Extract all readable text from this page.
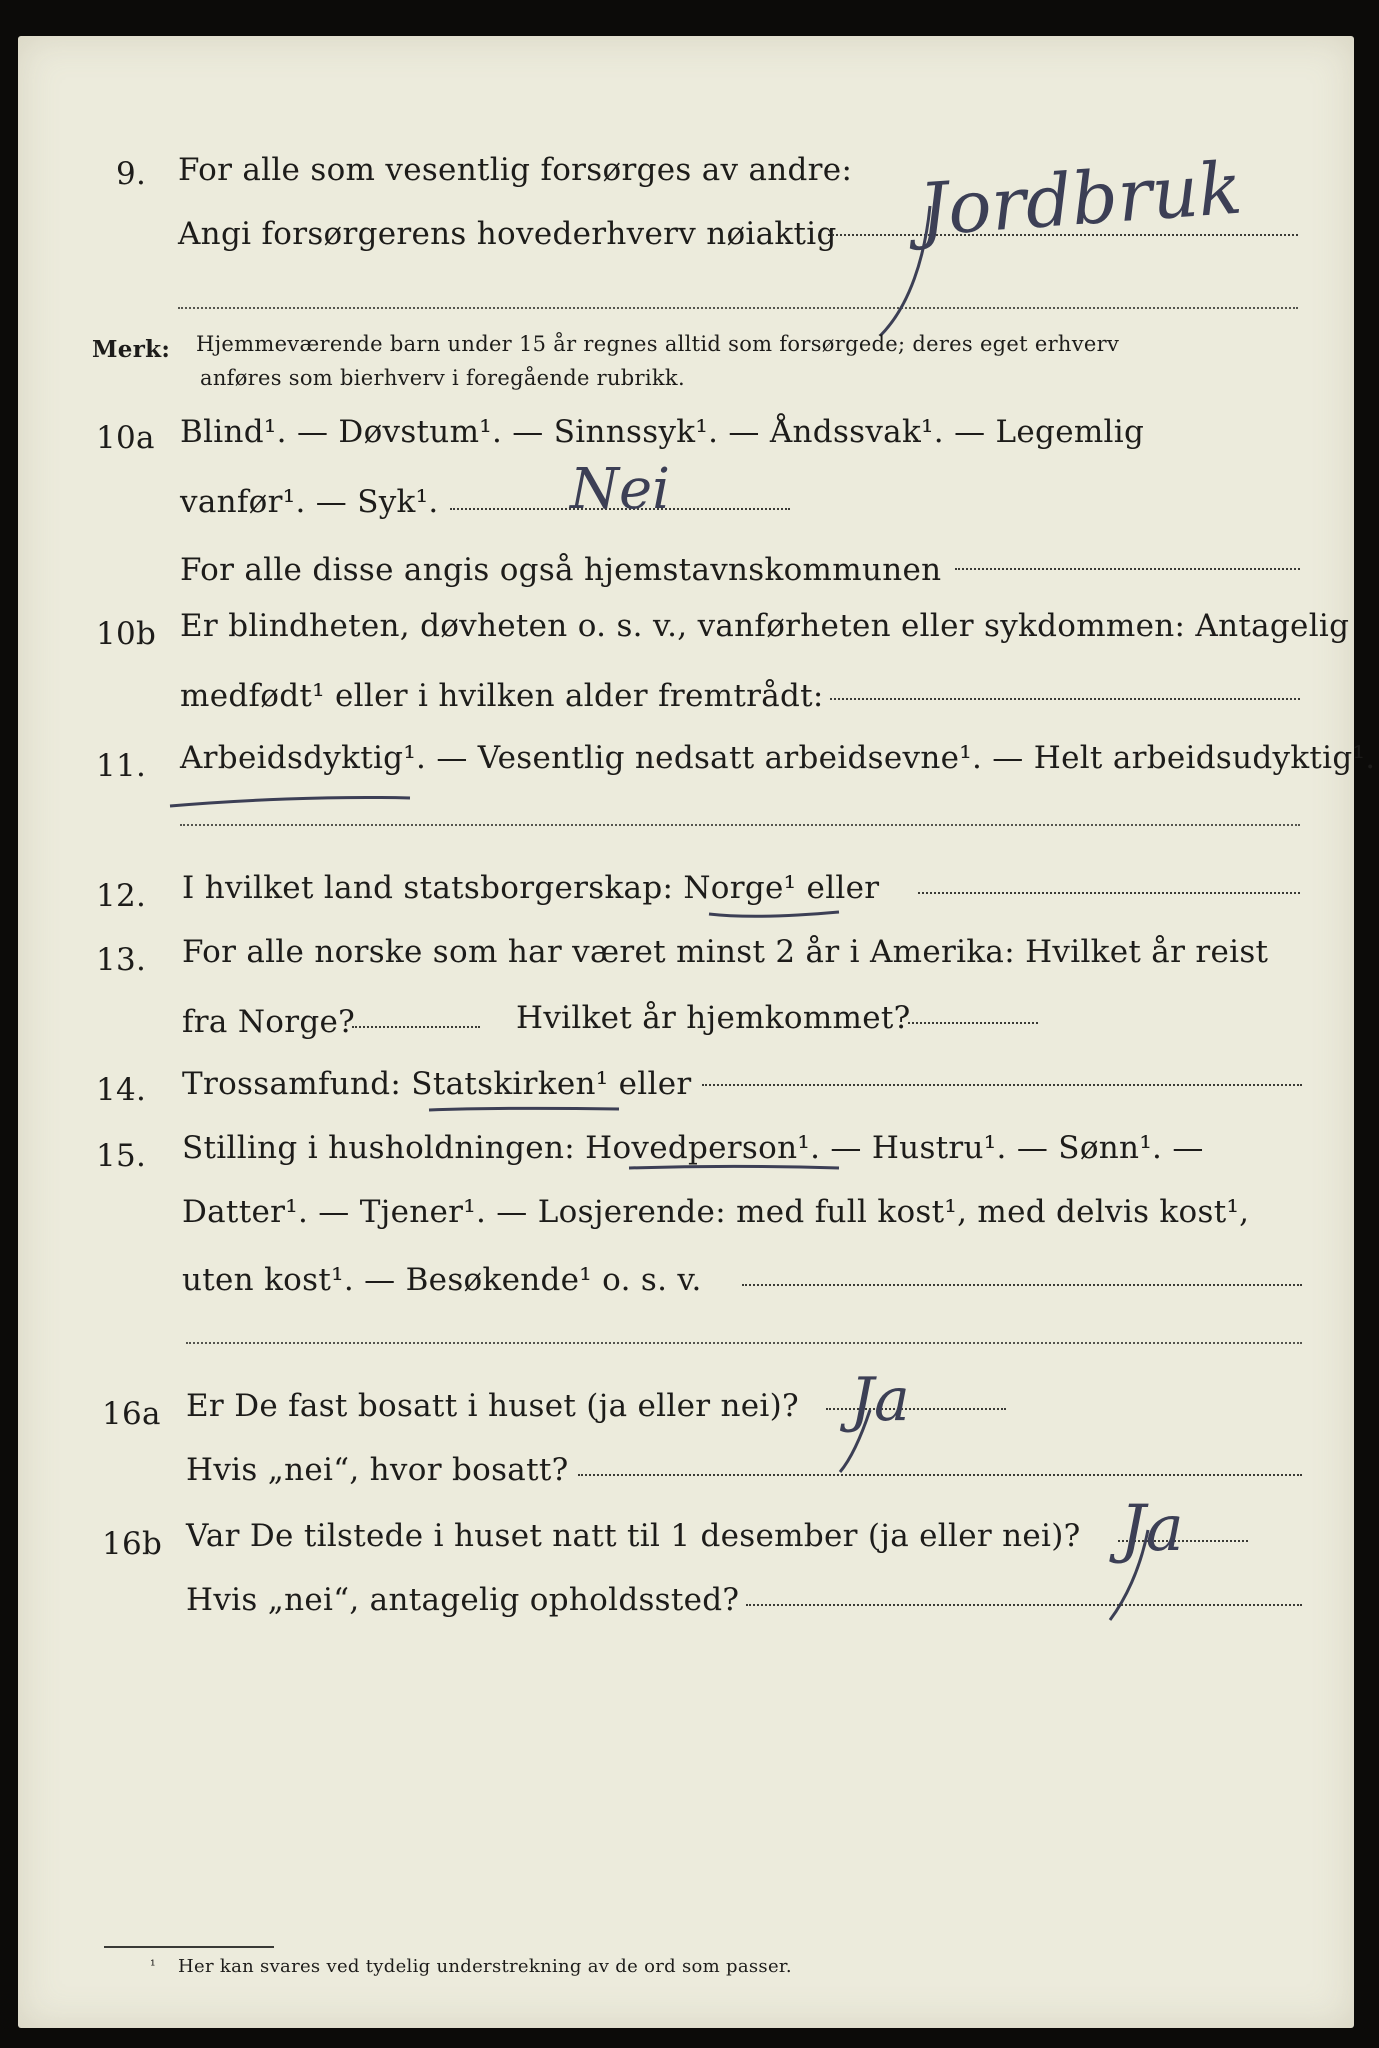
9. For alle som vesentlig forsørges av andre:
Angi forsørgerens hovederhverv nøiaktig Jordbruk
Merk: Hjemmeværende barn under 15 år regnes alltid som forsørgede; deres eget erhverv
anføres som bierhverv i foregående rubrikk.
10a Blind¹. — Døvstum¹. — Sinnssyk¹. — Åndssvak¹. — Legemlig
vanfør¹. — Syk¹. Nei
For alle disse angis også hjemstavnskommunen
10b Er blindheten, døvheten o. s. v., vanførheten eller sykdommen: Antagelig
medfødt¹ eller i hvilken alder fremtrådt:
11. Arbeidsdyktig¹. — Vesentlig nedsatt arbeidsevne¹. — Helt arbeidsudyktig¹.
12. I hvilket land statsborgerskap: Norge¹ eller
13. For alle norske som har været minst 2 år i Amerika: Hvilket år reist
fra Norge?	Hvilket år hjemkommet?
14. Trossamfund: Statskirken¹ eller
15. Stilling i husholdningen: Hovedperson¹. — Hustru¹. — Sønn¹. —
Datter¹. — Tjener¹. — Losjerende: med full kost¹, med delvis kost¹,
uten kost¹. — Besøkende¹ o. s. v.
16a Er De fast bosatt i huset (ja eller nei)? Ja
Hvis „nei“, hvor bosatt?
16b Var De tilstede i huset natt til 1 desember (ja eller nei)? Ja
Hvis „nei“, antagelig opholdssted?
¹ Her kan svares ved tydelig understrekning av de ord som passer.
